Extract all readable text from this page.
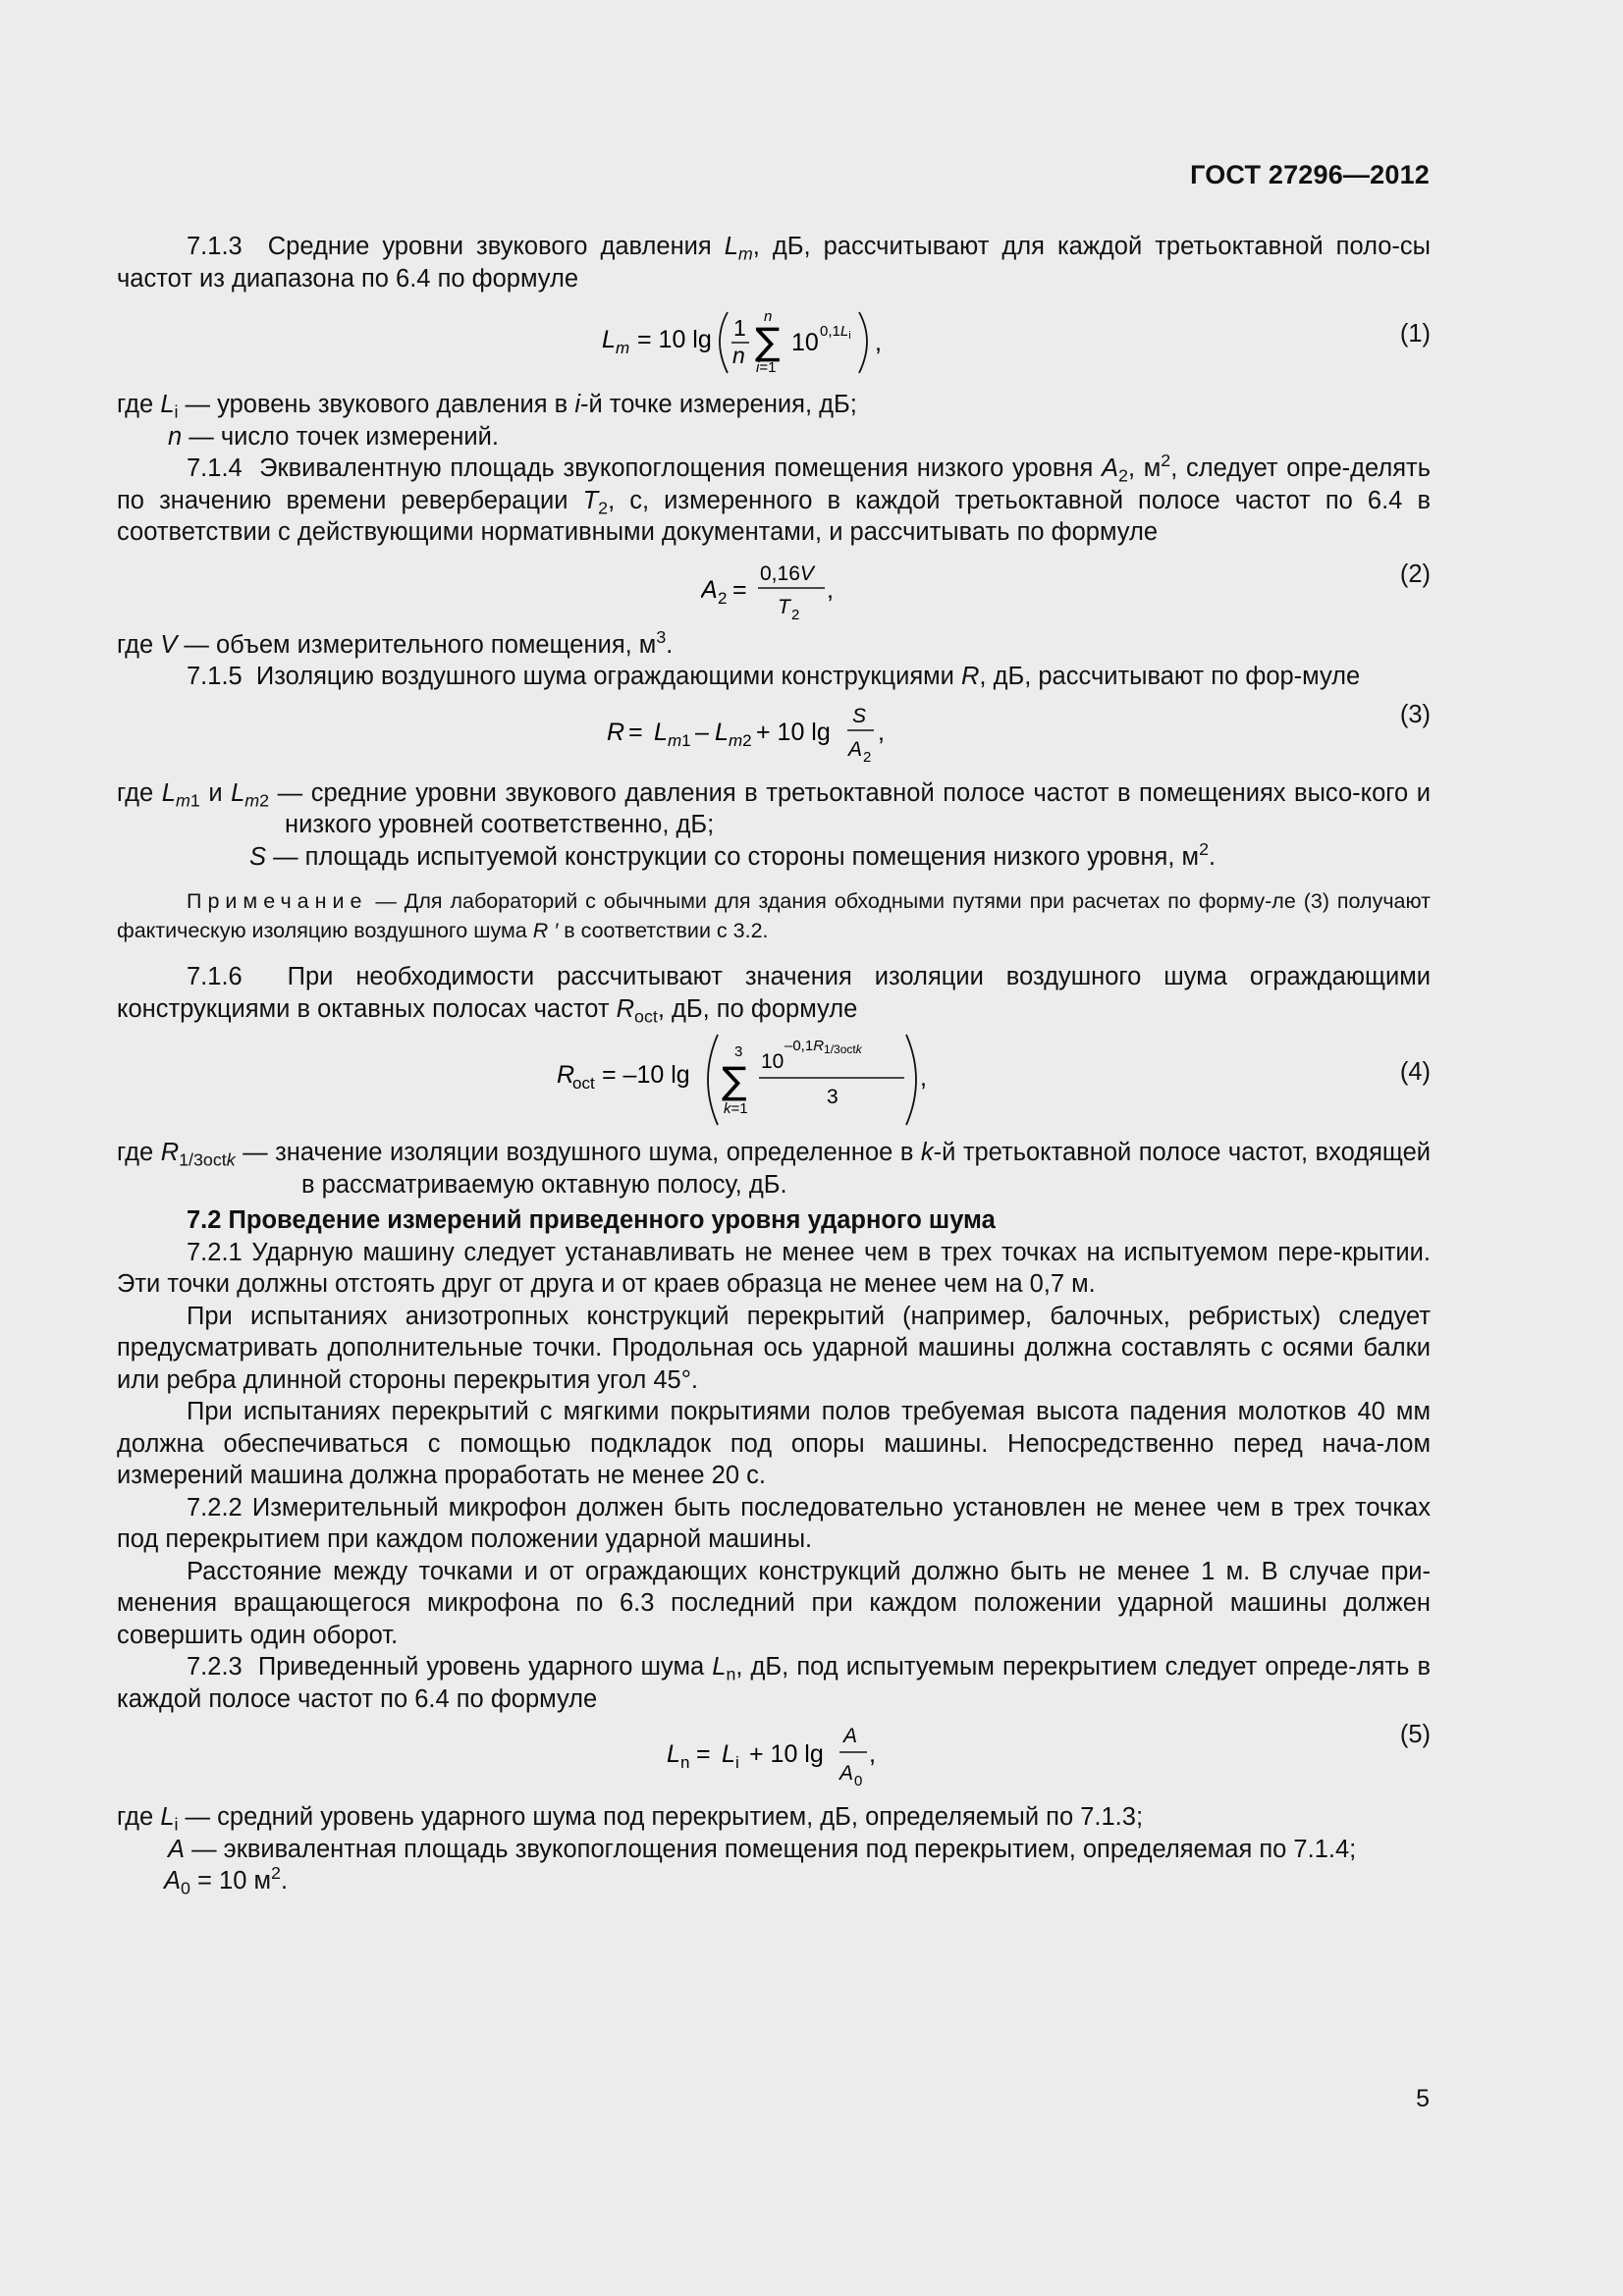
ГОСТ 27296—2012

7.1.3 Средние уровни звукового давления $L_m$, дБ, рассчитывают для каждой третьоктавной поло-сы частот из диапазона по 6.4 по формуле

L m = 10 lg 1
n ∑
n
i=1
10 $0,1L_i$ ,	(1)

где $L_i$ — уровень звукового давления в i-й точке измерения, дБ;

n — число точек измерений.

7.1.4 Эквивалентную площадь звукопоглощения помещения низкого уровня $A_2$, $м^2$, следует опре-делять по значению времени реверберации $T_2$, с, измеренного в каждой третьоктавной полосе частот по 6.4 в соответствии с действующими нормативными документами, и рассчитывать по формуле

A 2 =
0,16V
T 2
,
(2)

где V — объем измерительного помещения, $м^3$.

7.1.5 Изоляцию воздушного шума ограждающими конструкциями R, дБ, рассчитывают по фор-муле

R = L m1 – L m2 + 10 lg
S
A 2
,
(3)

где $L_{m1}$ и $L_{m2}$ — средние уровни звукового давления в третьоктавной полосе частот в помещениях высо-кого и низкого уровней соответственно, дБ;

S — площадь испытуемой конструкции со стороны помещения низкого уровня, $м^2$.

Примечание — Для лабораторий с обычными для здания обходными путями при расчетах по форму-ле (3) получают фактическую изоляцию воздушного шума R ′ в соответствии с 3.2.

7.1.6 При необходимости рассчитывают значения изоляции воздушного шума ограждающими конструкциями в октавных полосах частот $R_{oct}$, дБ, по формуле

R
oct = –10 lg ∑
3
k=1
10
$-0,1R_{1/3oct}k$
3
,	(4)

где $R_{1/3octk}$ — значение изоляции воздушного шума, определенное в k-й третьоктавной полосе частот, входящей в рассматриваемую октавную полосу, дБ.

7.2 Проведение измерений приведенного уровня ударного шума

7.2.1 Ударную машину следует устанавливать не менее чем в трех точках на испытуемом пере-крытии. Эти точки должны отстоять друг от друга и от краев образца не менее чем на 0,7 м.

При испытаниях анизотропных конструкций перекрытий (например, балочных, ребристых) следует предусматривать дополнительные точки. Продольная ось ударной машины должна составлять с осями балки или ребра длинной стороны перекрытия угол 45°.

При испытаниях перекрытий с мягкими покрытиями полов требуемая высота падения молотков 40 мм должна обеспечиваться с помощью подкладок под опоры машины. Непосредственно перед нача-лом измерений машина должна проработать не менее 20 с.

7.2.2 Измерительный микрофон должен быть последовательно установлен не менее чем в трех точках под перекрытием при каждом положении ударной машины.

Расстояние между точками и от ограждающих конструкций должно быть не менее 1 м. В случае при-менения вращающегося микрофона по 6.3 последний при каждом положении ударной машины должен совершить один оборот.

7.2.3 Приведенный уровень ударного шума $L_n$, дБ, под испытуемым перекрытием следует опреде-лять в каждой полосе частот по 6.4 по формуле

L n = L i + 10 lg
A
A 0
,
(5)

где $L_i$ — средний уровень ударного шума под перекрытием, дБ, определяемый по 7.1.3;

A — эквивалентная площадь звукопоглощения помещения под перекрытием, определяемая по 7.1.4;

$A_0 = 10$ $м^2$.

5
